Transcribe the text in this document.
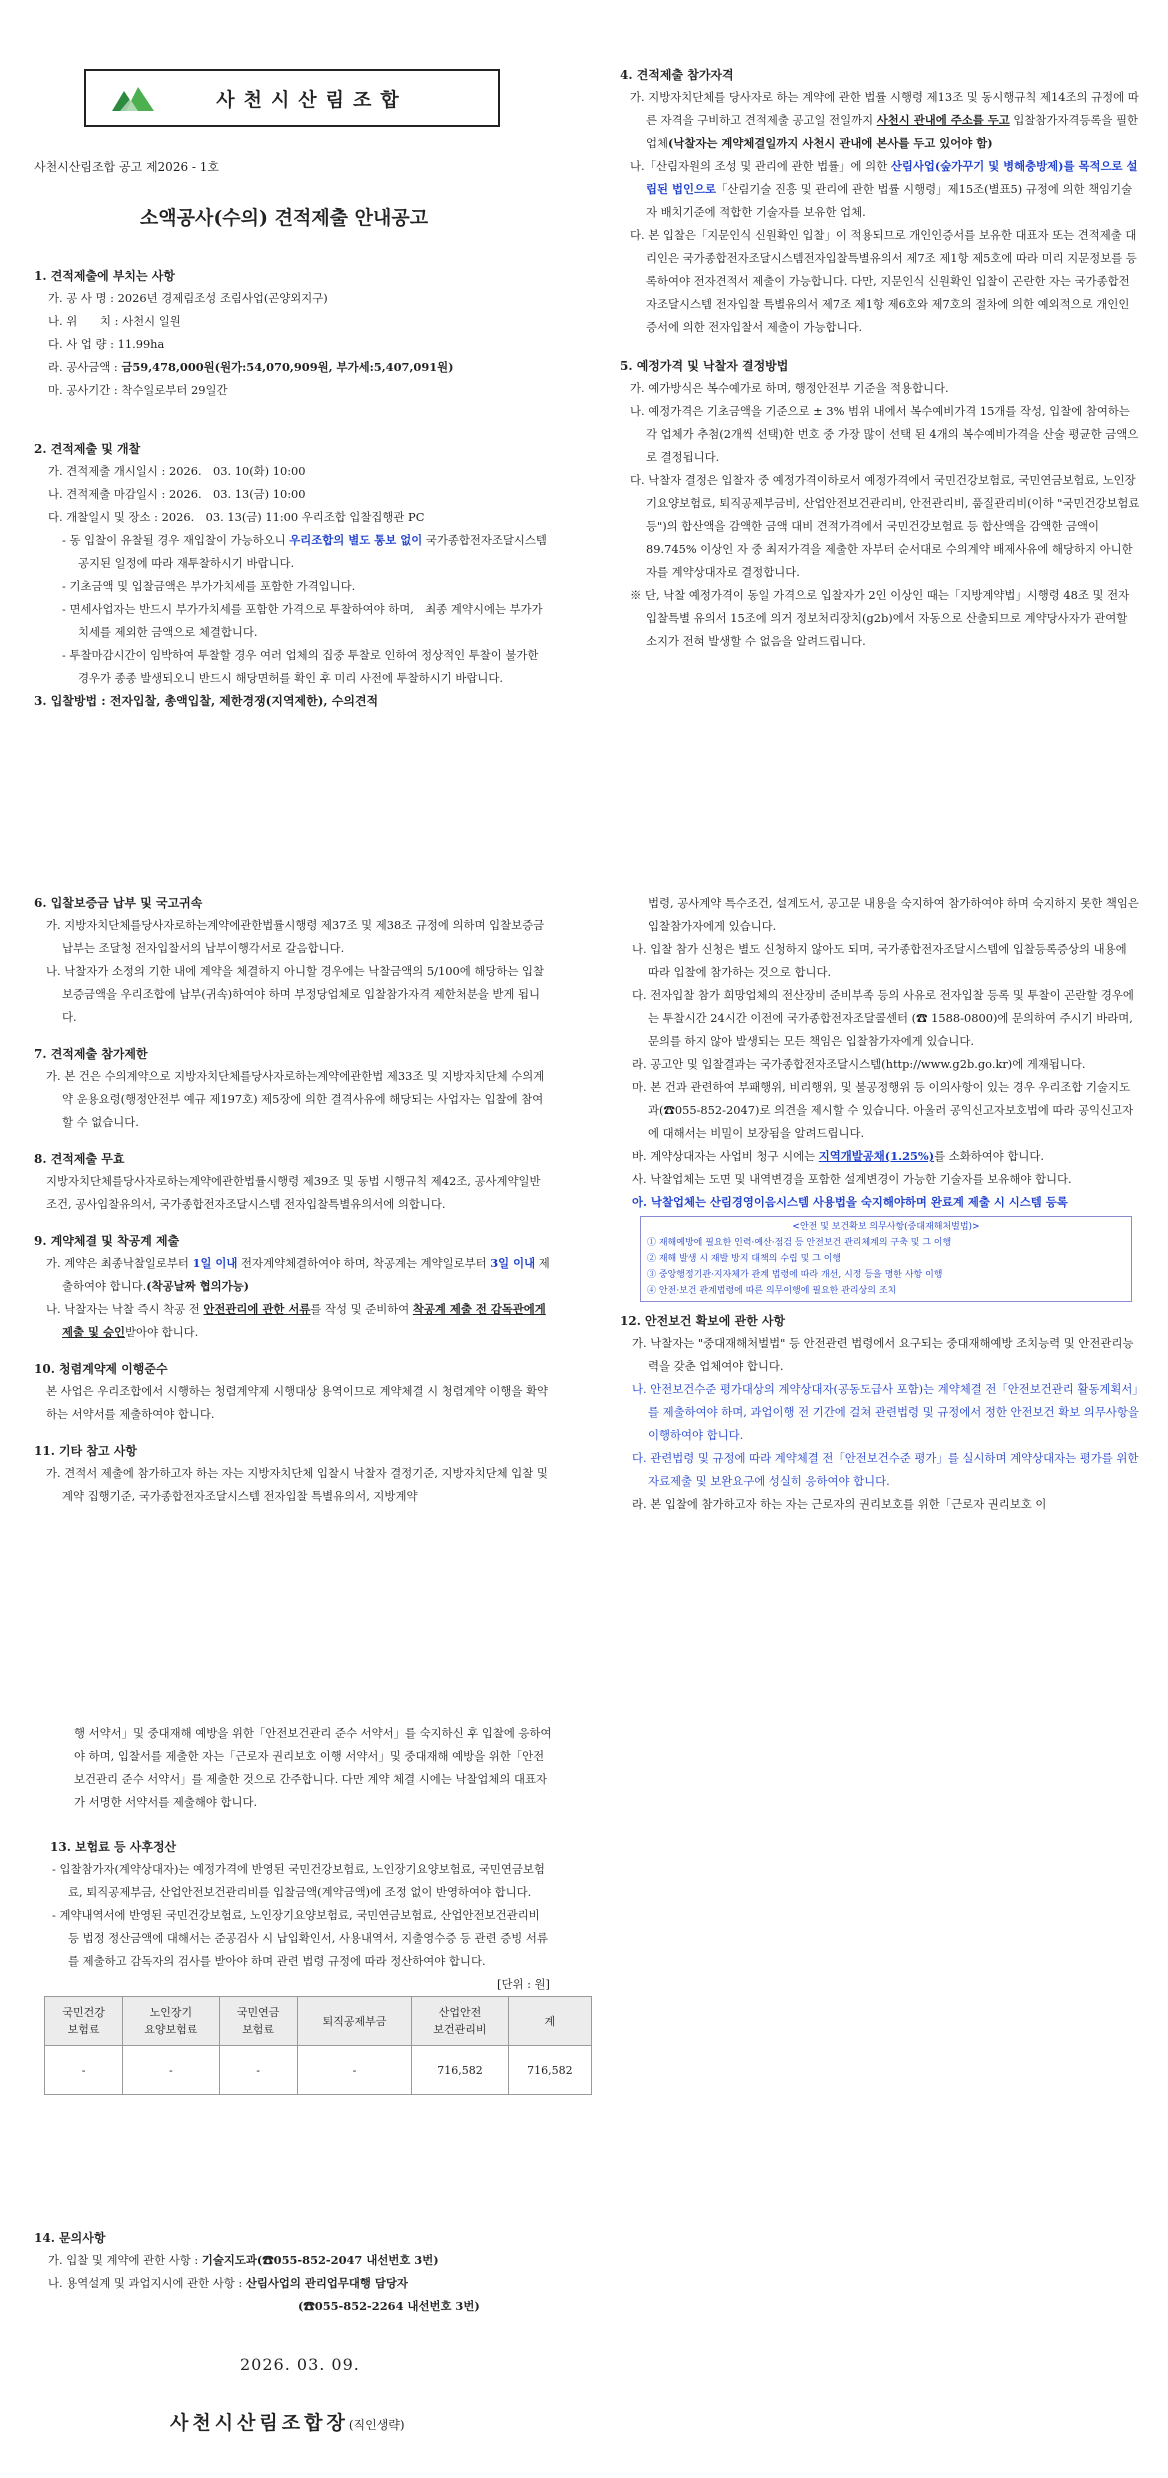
사천시산림조합
사천시산림조합 공고 제2026 - 1호
소액공사(수의) 견적제출 안내공고

1. 견적제출에 부치는 사항

가. 공 사 명 : 2026년 경제림조성 조림사업(곤양외지구)

나. 위　　치 : 사천시 일원

다. 사 업 량 : 11.99ha

라. 공사금액 : 금59,478,000원(원가:54,070,909원, 부가세:5,407,091원)

마. 공사기간 : 착수일로부터 29일간

2. 견적제출 및 개찰

가. 견적제출 개시일시 : 2026.　03. 10(화) 10:00

나. 견적제출 마감일시 : 2026.　03. 13(금) 10:00

다. 개찰일시 및 장소 : 2026.　03. 13(금) 11:00 우리조합 입찰집행관 PC

- 동 입찰이 유찰될 경우 재입찰이 가능하오니 우리조합의 별도 통보 없이 국가종합전자조달시스템 공지된 일정에 따라 재투찰하시기 바랍니다.

- 기초금액 및 입찰금액은 부가가치세를 포함한 가격입니다.

- 면세사업자는 반드시 부가가치세를 포함한 가격으로 투찰하여야 하며,　최종 계약시에는 부가가치세를 제외한 금액으로 체결합니다.

- 투찰마감시간이 임박하여 투찰할 경우 여러 업체의 집중 투찰로 인하여 정상적인 투찰이 불가한 경우가 종종 발생되오니 반드시 해당면허를 확인 후 미리 사전에 투찰하시기 바랍니다.

3. 입찰방법 : 전자입찰, 총액입찰, 제한경쟁(지역제한), 수의견적

4. 견적제출 참가자격

가. 지방자치단체를 당사자로 하는 계약에 관한 법률 시행령 제13조 및 동시행규칙 제14조의 규정에 따른 자격을 구비하고 견적제출 공고일 전일까지 사천시 관내에 주소를 두고 입찰참가자격등록을 필한 업체(낙찰자는 계약체결일까지 사천시 관내에 본사를 두고 있어야 함)

나.「산림자원의 조성 및 관리에 관한 법률」에 의한 산림사업(숲가꾸기 및 병해충방제)를 목적으로 설립된 법인으로「산림기술 진흥 및 관리에 관한 법률 시행령」제15조(별표5) 규정에 의한 책임기술자 배치기준에 적합한 기술자를 보유한 업체.

다. 본 입찰은「지문인식 신원확인 입찰」이 적용되므로 개인인증서를 보유한 대표자 또는 견적제출 대리인은 국가종합전자조달시스템전자입찰특별유의서 제7조 제1항 제5호에 따라 미리 지문정보를 등록하여야 전자견적서 제출이 가능합니다. 다만, 지문인식 신원확인 입찰이 곤란한 자는 국가종합전자조달시스템 전자입찰 특별유의서 제7조 제1항 제6호와 제7호의 절차에 의한 예외적으로 개인인증서에 의한 전자입찰서 제출이 가능합니다.

5. 예정가격 및 낙찰자 결정방법

가. 예가방식은 복수예가로 하며, 행정안전부 기준을 적용합니다.

나. 예정가격은 기초금액을 기준으로 ± 3% 범위 내에서 복수예비가격 15개를 작성, 입찰에 참여하는 각 업체가 추첨(2개씩 선택)한 번호 중 가장 많이 선택 된 4개의 복수예비가격을 산술 평균한 금액으로 결정됩니다.

다. 낙찰자 결정은 입찰자 중 예정가격이하로서 예정가격에서 국민건강보험료, 국민연금보험료, 노인장기요양보험료, 퇴직공제부금비, 산업안전보건관리비, 안전관리비, 품질관리비(이하 "국민건강보험료 등")의 합산액을 감액한 금액 대비 견적가격에서 국민건강보험료 등 합산액을 감액한 금액이 89.745% 이상인 자 중 최저가격을 제출한 자부터 순서대로 수의계약 배제사유에 해당하지 아니한 자를 계약상대자로 결정합니다.

※ 단, 낙찰 예정가격이 동일 가격으로 입찰자가 2인 이상인 때는「지방계약법」시행령 48조 및 전자입찰특별 유의서 15조에 의거 정보처리장치(g2b)에서 자동으로 산출되므로 계약당사자가 관여할 소지가 전혀 발생할 수 없음을 알려드립니다.

6. 입찰보증금 납부 및 국고귀속

가. 지방자치단체를당사자로하는계약에관한법률시행령 제37조 및 제38조 규정에 의하며 입찰보증금 납부는 조달청 전자입찰서의 납부이행각서로 갈음합니다.

나. 낙찰자가 소정의 기한 내에 계약을 체결하지 아니할 경우에는 낙찰금액의 5/100에 해당하는 입찰보증금액을 우리조합에 납부(귀속)하여야 하며 부정당업체로 입찰참가자격 제한처분을 받게 됩니다.

7. 견적제출 참가제한

가. 본 건은 수의계약으로 지방자치단체를당사자로하는계약에관한법 제33조 및 지방자치단체 수의계약 운용요령(행정안전부 예규 제197호) 제5장에 의한 결격사유에 해당되는 사업자는 입찰에 참여할 수 없습니다.

8. 견적제출 무효

지방자치단체를당사자로하는계약에관한법률시행령 제39조 및 동법 시행규칙 제42조, 공사계약일반조건, 공사입찰유의서, 국가종합전자조달시스템 전자입찰특별유의서에 의합니다.

9. 계약체결 및 착공계 제출

가. 계약은 최종낙찰일로부터 1일 이내 전자계약체결하여야 하며, 착공계는 계약일로부터 3일 이내 제출하여야 합니다.(착공날짜 협의가능)

나. 낙찰자는 낙찰 즉시 착공 전 안전관리에 관한 서류를 작성 및 준비하여 착공계 제출 전 감독관에게 제출 및 승인받아야 합니다.

10. 청렴계약제 이행준수

본 사업은 우리조합에서 시행하는 청렴계약제 시행대상 용역이므로 계약체결 시 청렴계약 이행을 확약하는 서약서를 제출하여야 합니다.

11. 기타 참고 사항

가. 견적서 제출에 참가하고자 하는 자는 지방자치단체 입찰시 낙찰자 결정기준, 지방자치단체 입찰 및 계약 집행기준, 국가종합전자조달시스템 전자입찰 특별유의서, 지방계약

법령, 공사계약 특수조건, 설계도서, 공고문 내용을 숙지하여 참가하여야 하며 숙지하지 못한 책임은 입찰참가자에게 있습니다.

나. 입찰 참가 신청은 별도 신청하지 않아도 되며, 국가종합전자조달시스템에 입찰등록증상의 내용에 따라 입찰에 참가하는 것으로 합니다.

다. 전자입찰 참가 희망업체의 전산장비 준비부족 등의 사유로 전자입찰 등록 및 투찰이 곤란할 경우에는 투찰시간 24시간 이전에 국가종합전자조달콜센터 (☎ 1588-0800)에 문의하여 주시기 바라며, 문의를 하지 않아 발생되는 모든 책임은 입찰참가자에게 있습니다.

라. 공고안 및 입찰결과는 국가종합전자조달시스템(http://www.g2b.go.kr)에 게재됩니다.

마. 본 건과 관련하여 부패행위, 비리행위, 및 불공정행위 등 이의사항이 있는 경우 우리조합 기술지도과(☎055-852-2047)로 의견을 제시할 수 있습니다. 아울러 공익신고자보호법에 따라 공익신고자에 대해서는 비밀이 보장됨을 알려드립니다.

바. 계약상대자는 사업비 청구 시에는 지역개발공채(1.25%)를 소화하여야 합니다.

사. 낙찰업체는 도면 및 내역변경을 포함한 설계변경이 가능한 기술자를 보유해야 합니다.

아. 낙찰업체는 산림경영이음시스템 사용법을 숙지해야하며 완료계 제출 시 시스템 등록

<안전 및 보건확보 의무사항(중대재해처벌법)>
① 재해예방에 필요한 인력·예산·점검 등 안전보건 관리체계의 구축 및 그 이행
② 재해 발생 시 재발 방지 대책의 수립 및 그 이행
③ 중앙행정기관·지자체가 관계 법령에 따라 개선, 시정 등을 명한 사항 이행
④ 안전·보건 관계법령에 따른 의무이행에 필요한 관리상의 조치

12. 안전보건 확보에 관한 사항

가. 낙찰자는 "중대재해처벌법" 등 안전관련 법령에서 요구되는 중대재해예방 조치능력 및 안전관리능력을 갖춘 업체여야 합니다.

나. 안전보건수준 평가대상의 계약상대자(공동도급사 포함)는 계약체결 전「안전보건관리 활동계획서」를 제출하여야 하며, 과업이행 전 기간에 걸쳐 관련법령 및 규정에서 정한 안전보건 확보 의무사항을 이행하여야 합니다.

다. 관련법령 및 규정에 따라 계약체결 전「안전보건수준 평가」를 실시하며 계약상대자는 평가를 위한 자료제출 및 보완요구에 성실히 응하여야 합니다.

라. 본 입찰에 참가하고자 하는 자는 근로자의 권리보호를 위한「근로자 권리보호 이

행 서약서」및 중대재해 예방을 위한「안전보건관리 준수 서약서」를 숙지하신 후 입찰에 응하여야 하며, 입찰서를 제출한 자는「근로자 권리보호 이행 서약서」및 중대재해 예방을 위한「안전보건관리 준수 서약서」를 제출한 것으로 간주합니다. 다만 계약 체결 시에는 낙찰업체의 대표자가 서명한 서약서를 제출해야 합니다.

13. 보험료 등 사후정산

- 입찰참가자(계약상대자)는 예정가격에 반영된 국민건강보험료, 노인장기요양보험료, 국민연금보험료, 퇴직공제부금, 산업안전보건관리비를 입찰금액(계약금액)에 조정 없이 반영하여야 합니다.

- 계약내역서에 반영된 국민건강보험료, 노인장기요양보험료, 국민연금보험료, 산업안전보건관리비 등 법정 정산금액에 대해서는 준공검사 시 납입확인서, 사용내역서, 지출영수증 등 관련 증빙 서류를 제출하고 감독자의 검사를 받아야 하며 관련 법령 규정에 따라 정산하여야 합니다.

[단위 : 원]

국민건강
보험료	노인장기
요양보험료	국민연금
보험료	퇴직공제부금	산업안전
보건관리비	계
-	-	-	-	716,582	716,582

14. 문의사항

가. 입찰 및 계약에 관한 사항 : 기술지도과(☎055-852-2047 내선번호 3번)

나. 용역설계 및 과업지시에 관한 사항 : 산림사업의 관리업무대행 담당자

(☎055-852-2264 내선번호 3번)

2026. 03. 09.
사천시산림조합장(직인생략)
